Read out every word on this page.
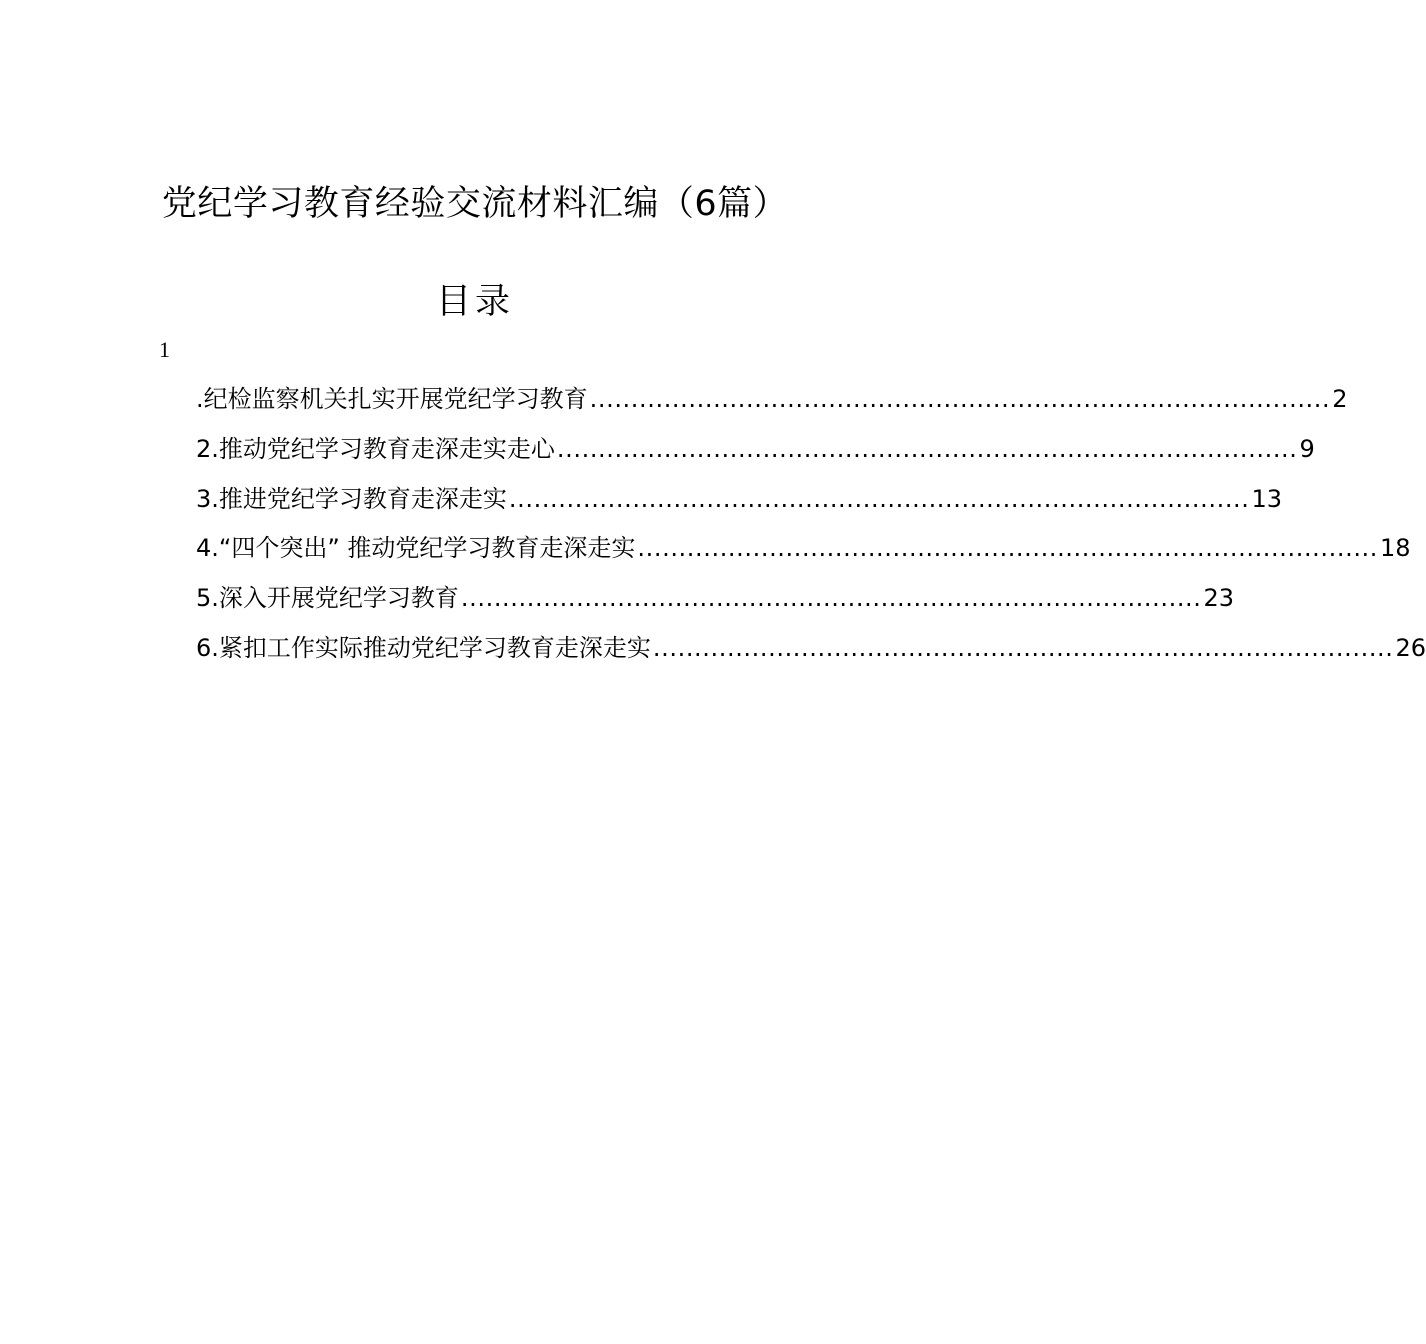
党纪学习教育经验交流材料汇编（6篇）
目录
1
.纪检监察机关扎实开展党纪学习教育 .......................................................................................... 2
2.推动党纪学习教育走深走实走心 .......................................................................................... 9
3.推进党纪学习教育走深走实 .......................................................................................... 13
4.“四个突出” 推动党纪学习教育走深走实 .......................................................................................... 18
5.深入开展党纪学习教育 .......................................................................................... 23
6.紧扣工作实际推动党纪学习教育走深走实 .......................................................................................... 26
